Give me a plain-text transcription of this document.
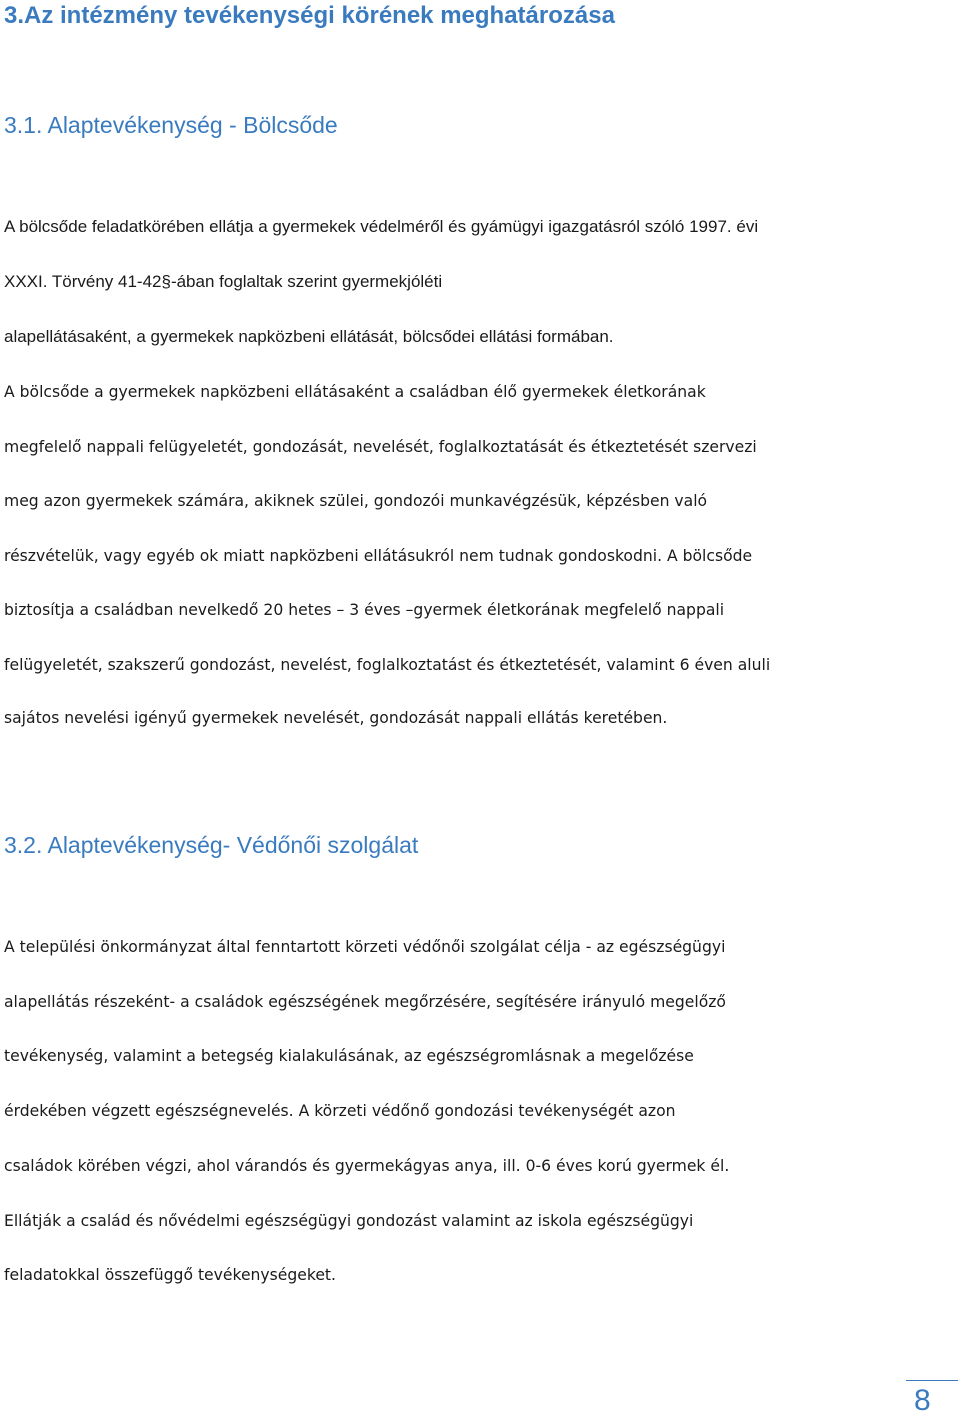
3.Az intézmény tevékenységi körének meghatározása
3.1. Alaptevékenység - Bölcsőde
A bölcsőde feladatkörében ellátja a gyermekek védelméről és gyámügyi igazgatásról szóló 1997. évi
XXXI. Törvény 41-42§-ában foglaltak szerint gyermekjóléti
alapellátásaként, a gyermekek napközbeni ellátását, bölcsődei ellátási formában.
A bölcsőde a gyermekek napközbeni ellátásaként a családban élő gyermekek életkorának
megfelelő nappali felügyeletét, gondozását, nevelését, foglalkoztatását és étkeztetését szervezi
meg azon gyermekek számára, akiknek szülei, gondozói munkavégzésük, képzésben való
részvételük, vagy egyéb ok miatt napközbeni ellátásukról nem tudnak gondoskodni. A bölcsőde
biztosítja a családban nevelkedő 20 hetes – 3 éves –gyermek életkorának megfelelő nappali
felügyeletét, szakszerű gondozást, nevelést, foglalkoztatást és étkeztetését, valamint 6 éven aluli
sajátos nevelési igényű gyermekek nevelését, gondozását nappali ellátás keretében.
3.2. Alaptevékenység- Védőnői szolgálat
A települési önkormányzat által fenntartott körzeti védőnői szolgálat célja - az egészségügyi
alapellátás részeként- a családok egészségének megőrzésére, segítésére irányuló megelőző
tevékenység, valamint a betegség kialakulásának, az egészségromlásnak a megelőzése
érdekében végzett egészségnevelés. A körzeti védőnő gondozási tevékenységét azon
családok körében végzi, ahol várandós és gyermekágyas anya, ill. 0-6 éves korú gyermek él.
Ellátják a család és nővédelmi egészségügyi gondozást valamint az iskola egészségügyi
feladatokkal összefüggő tevékenységeket.
8
